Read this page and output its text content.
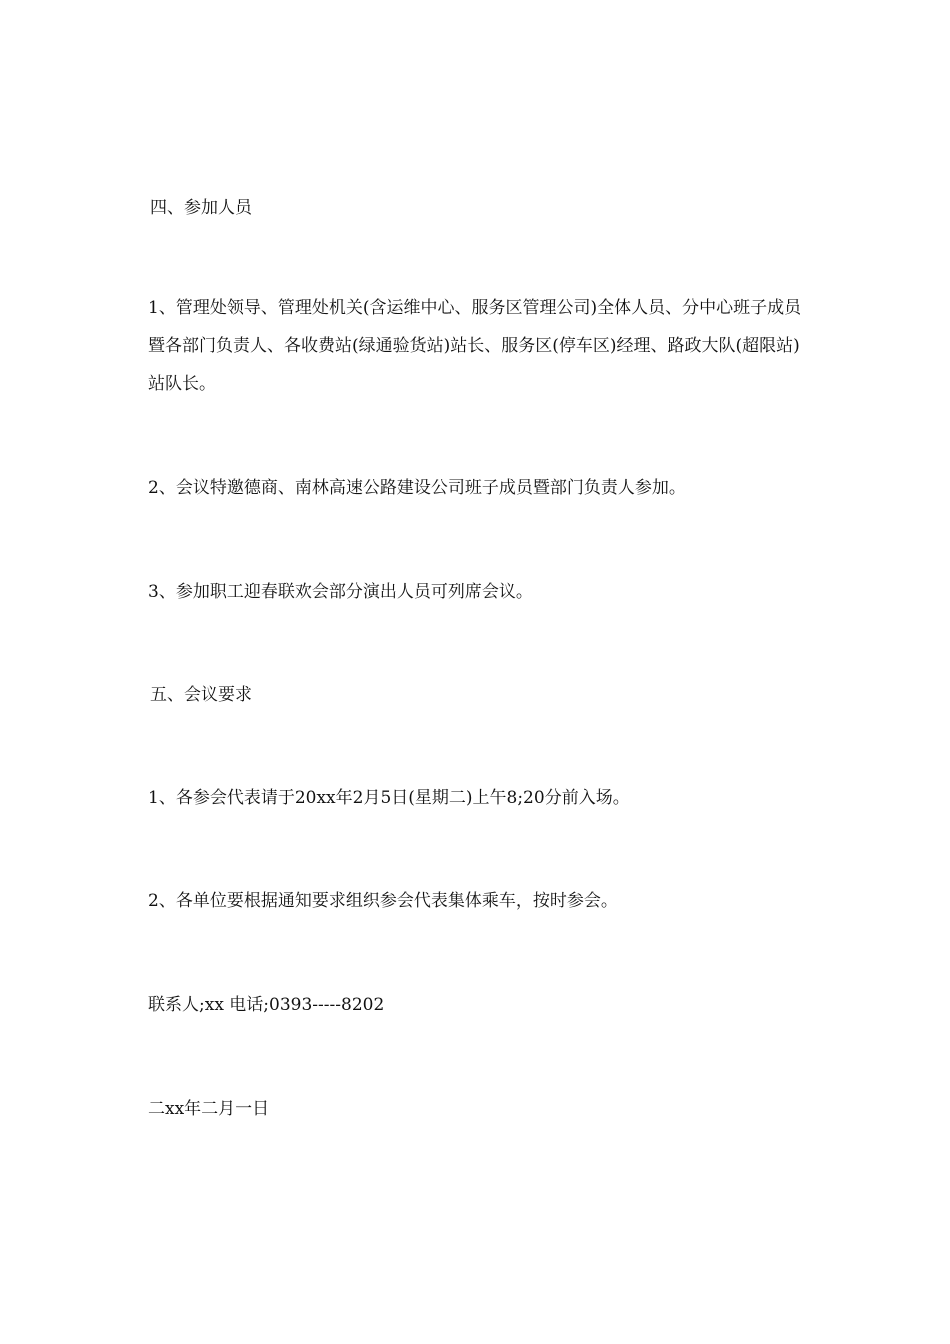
四、参加人员

1、管理处领导、管理处机关(含运维中心、服务区管理公司)全体人员、分中心班子成员暨各部门负责人、各收费站(绿通验货站)站长、服务区(停车区)经理、路政大队(超限站)站队长。

2、会议特邀德商、南林高速公路建设公司班子成员暨部门负责人参加。

3、参加职工迎春联欢会部分演出人员可列席会议。

五、会议要求

1、各参会代表请于20xx年2月5日(星期二)上午8;20分前入场。

2、各单位要根据通知要求组织参会代表集体乘车，按时参会。

联系人;xx 电话;0393-----8202

二xx年二月一日
